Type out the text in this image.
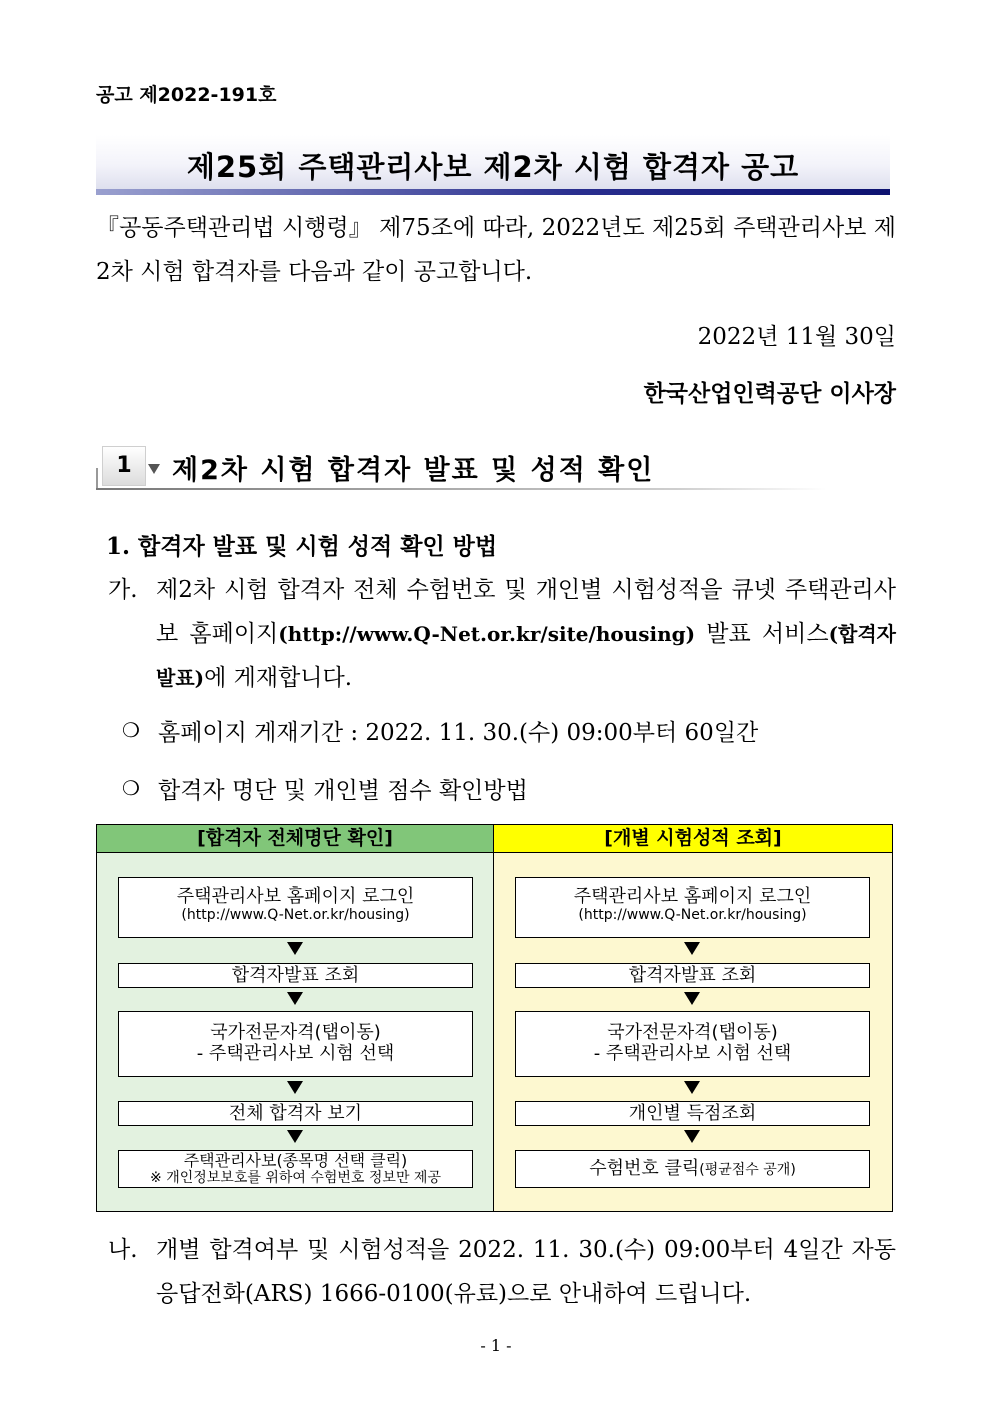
공고 제2022-191호
제25회 주택관리사보 제2차 시험 합격자 공고
『공동주택관리법 시행령』 제75조에 따라, 2022년도 제25회 주택관리사보 제2차 시험 합격자를 다음과 같이 공고합니다.
2022년 11월 30일
한국산업인력공단 이사장
1	제2차 시험 합격자 발표 및 성적 확인
1. 합격자 발표 및 시험 성적 확인 방법
가. 제2차 시험 합격자 전체 수험번호 및 개인별 시험성적을 큐넷 주택관리사보 홈페이지(http://www.Q-Net.or.kr/site/housing) 발표 서비스(합격자발표)에 게재합니다.
❍ 홈페이지 게재기간 : 2022. 11. 30.(수) 09:00부터 60일간
❍ 합격자 명단 및 개인별 점수 확인방법
[합격자 전체명단 확인]
주택관리사보 홈페이지 로그인
(http://www.Q-Net.or.kr/housing)
합격자발표 조회
국가전문자격(탭이동)
- 주택관리사보 시험 선택
전체 합격자 보기
주택관리사보(종목명 선택 클릭)
※ 개인정보보호를 위하여 수험번호 정보만 제공
[개별 시험성적 조회]
주택관리사보 홈페이지 로그인
(http://www.Q-Net.or.kr/housing)
합격자발표 조회
국가전문자격(탭이동)
- 주택관리사보 시험 선택
개인별 득점조회
수험번호 클릭(평균점수 공개)
나. 개별 합격여부 및 시험성적을 2022. 11. 30.(수) 09:00부터 4일간 자동응답전화(ARS) 1666-0100(유료)으로 안내하여 드립니다.
- 1 -
